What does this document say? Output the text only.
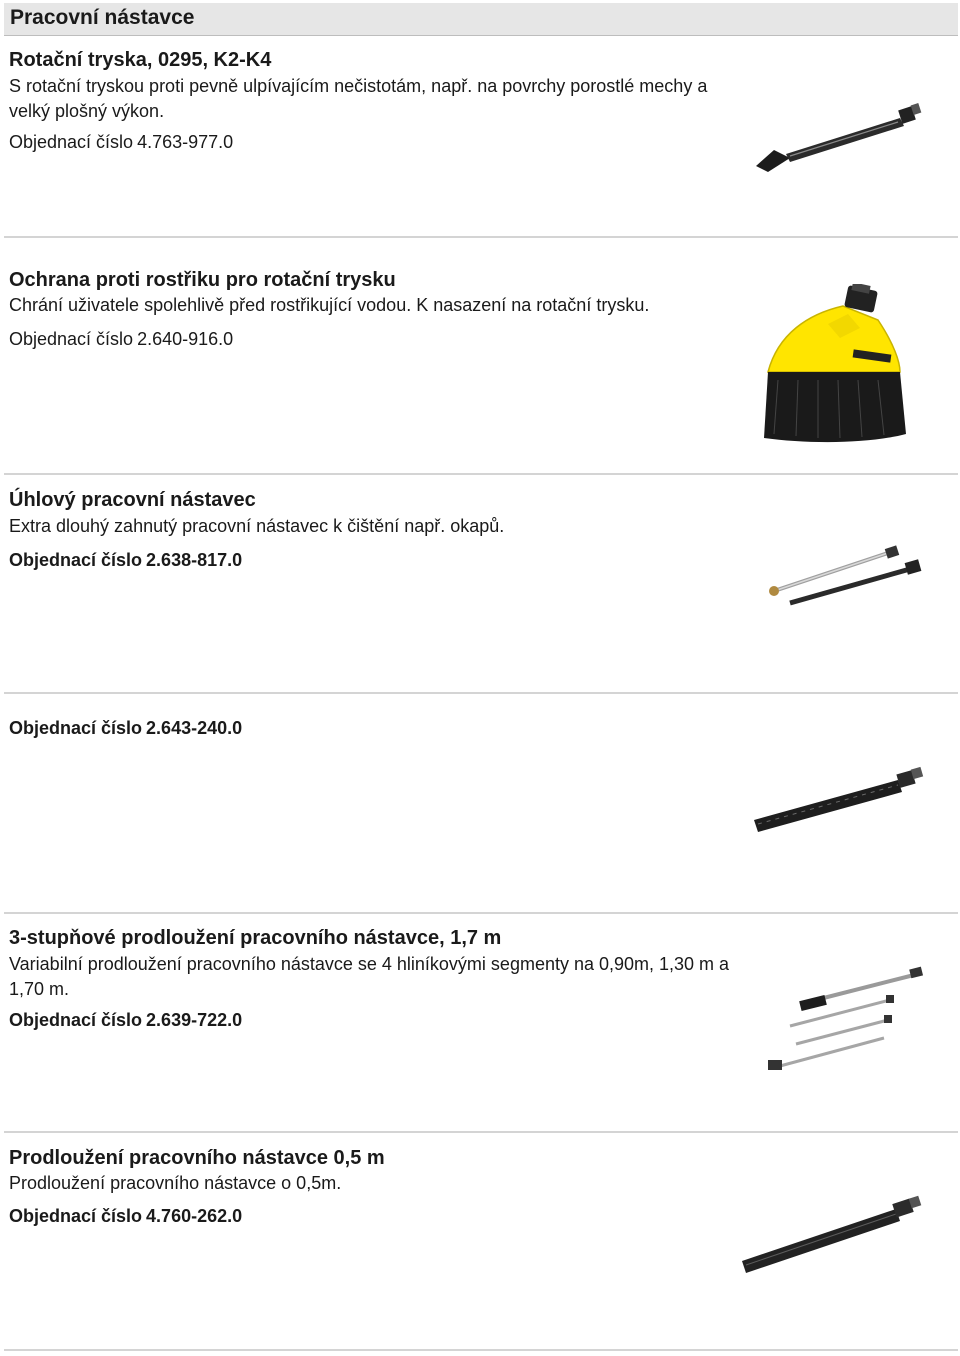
Pracovní nástavce
Rotační tryska, 0295, K2-K4
S rotační tryskou proti pevně ulpívajícím nečistotám, např. na povrchy porostlé mechy a velký plošný výkon.
Objednací číslo 4.763-977.0
Ochrana proti rostřiku pro rotační trysku
Chrání uživatele spolehlivě před rostřikující vodou. K nasazení na rotační trysku.
Objednací číslo 2.640-916.0
Úhlový pracovní nástavec
Extra dlouhý zahnutý pracovní nástavec k čištění např. okapů.
Objednací číslo 2.638-817.0
Objednací číslo 2.643-240.0
3-stupňové prodloužení pracovního nástavce, 1,7 m
Variabilní prodloužení pracovního nástavce se 4 hliníkovými segmenty na 0,90m, 1,30 m a 1,70 m.
Objednací číslo 2.639-722.0
Prodloužení pracovního nástavce 0,5 m
Prodloužení pracovního nástavce o 0,5m.
Objednací číslo 4.760-262.0
